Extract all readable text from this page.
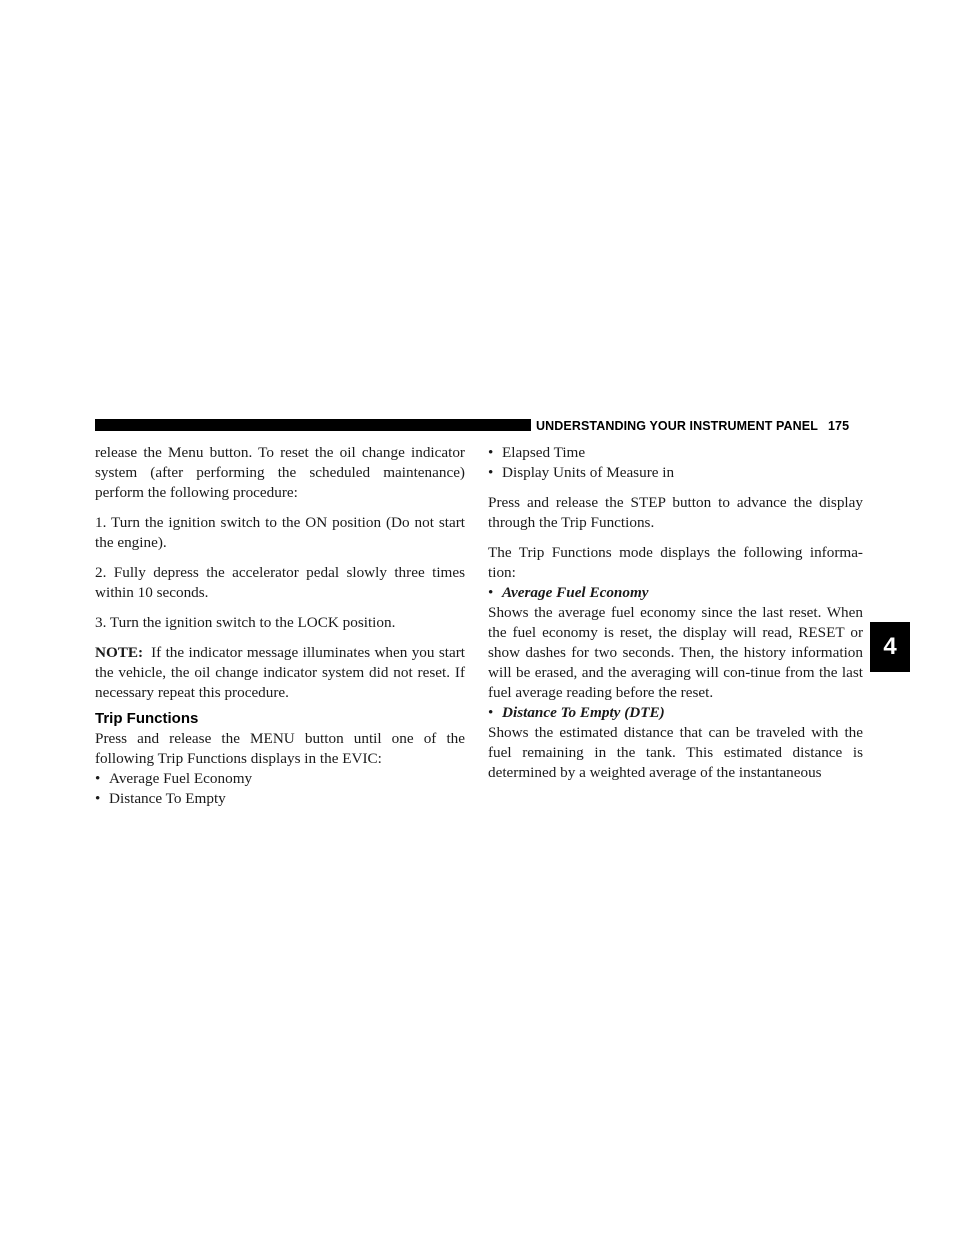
UNDERSTANDING YOUR INSTRUMENT PANEL 175
4

release the Menu button. To reset the oil change indicator system (after performing the scheduled maintenance) perform the following procedure:

1. Turn the ignition switch to the ON position (Do not start the engine).

2. Fully depress the accelerator pedal slowly three times within 10 seconds.

3. Turn the ignition switch to the LOCK position.

NOTE: If the indicator message illuminates when you start the vehicle, the oil change indicator system did not reset. If necessary repeat this procedure.

Trip Functions

Press and release the MENU button until one of the following Trip Functions displays in the EVIC:

• Average Fuel Economy
• Distance To Empty
• Elapsed Time
• Display Units of Measure in

Press and release the STEP button to advance the display through the Trip Functions.

The Trip Functions mode displays the following informa-tion:

• Average Fuel Economy

Shows the average fuel economy since the last reset. When the fuel economy is reset, the display will read, RESET or show dashes for two seconds. Then, the history information will be erased, and the averaging will con-tinue from the last fuel average reading before the reset.

• Distance To Empty (DTE)

Shows the estimated distance that can be traveled with the fuel remaining in the tank. This estimated distance is determined by a weighted average of the instantaneous
